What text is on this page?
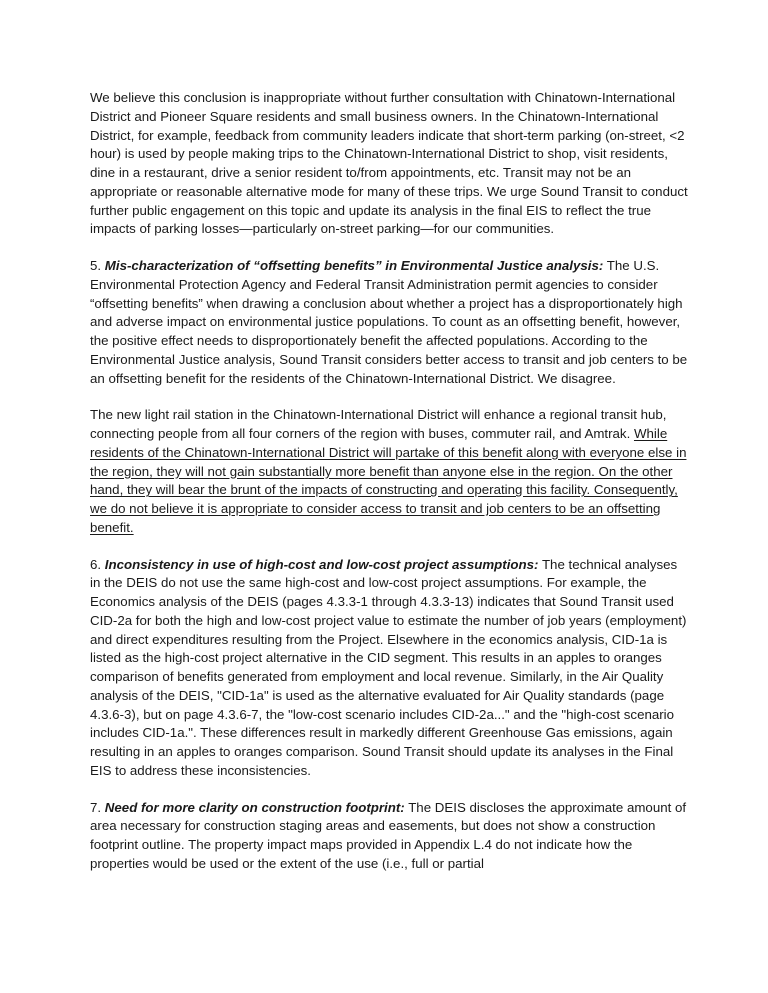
We believe this conclusion is inappropriate without further consultation with Chinatown-International District and Pioneer Square residents and small business owners. In the Chinatown-International District, for example, feedback from community leaders indicate that short-term parking (on-street, <2 hour) is used by people making trips to the Chinatown-International District to shop, visit residents, dine in a restaurant, drive a senior resident to/from appointments, etc. Transit may not be an appropriate or reasonable alternative mode for many of these trips. We urge Sound Transit to conduct further public engagement on this topic and update its analysis in the final EIS to reflect the true impacts of parking losses—particularly on-street parking—for our communities.

5. Mis-characterization of “offsetting benefits” in Environmental Justice analysis: The U.S. Environmental Protection Agency and Federal Transit Administration permit agencies to consider “offsetting benefits” when drawing a conclusion about whether a project has a disproportionately high and adverse impact on environmental justice populations. To count as an offsetting benefit, however, the positive effect needs to disproportionately benefit the affected populations. According to the Environmental Justice analysis, Sound Transit considers better access to transit and job centers to be an offsetting benefit for the residents of the Chinatown-International District. We disagree.

The new light rail station in the Chinatown-International District will enhance a regional transit hub, connecting people from all four corners of the region with buses, commuter rail, and Amtrak. While residents of the Chinatown-International District will partake of this benefit along with everyone else in the region, they will not gain substantially more benefit than anyone else in the region. On the other hand, they will bear the brunt of the impacts of constructing and operating this facility. Consequently, we do not believe it is appropriate to consider access to transit and job centers to be an offsetting benefit.

6. Inconsistency in use of high-cost and low-cost project assumptions: The technical analyses in the DEIS do not use the same high-cost and low-cost project assumptions. For example, the Economics analysis of the DEIS (pages 4.3.3-1 through 4.3.3-13) indicates that Sound Transit used CID-2a for both the high and low-cost project value to estimate the number of job years (employment) and direct expenditures resulting from the Project. Elsewhere in the economics analysis, CID-1a is listed as the high-cost project alternative in the CID segment. This results in an apples to oranges comparison of benefits generated from employment and local revenue. Similarly, in the Air Quality analysis of the DEIS, "CID-1a" is used as the alternative evaluated for Air Quality standards (page 4.3.6-3), but on page 4.3.6-7, the "low-cost scenario includes CID-2a..." and the "high-cost scenario includes CID-1a.". These differences result in markedly different Greenhouse Gas emissions, again resulting in an apples to oranges comparison. Sound Transit should update its analyses in the Final EIS to address these inconsistencies.

7. Need for more clarity on construction footprint: The DEIS discloses the approximate amount of area necessary for construction staging areas and easements, but does not show a construction footprint outline. The property impact maps provided in Appendix L.4 do not indicate how the properties would be used or the extent of the use (i.e., full or partial
